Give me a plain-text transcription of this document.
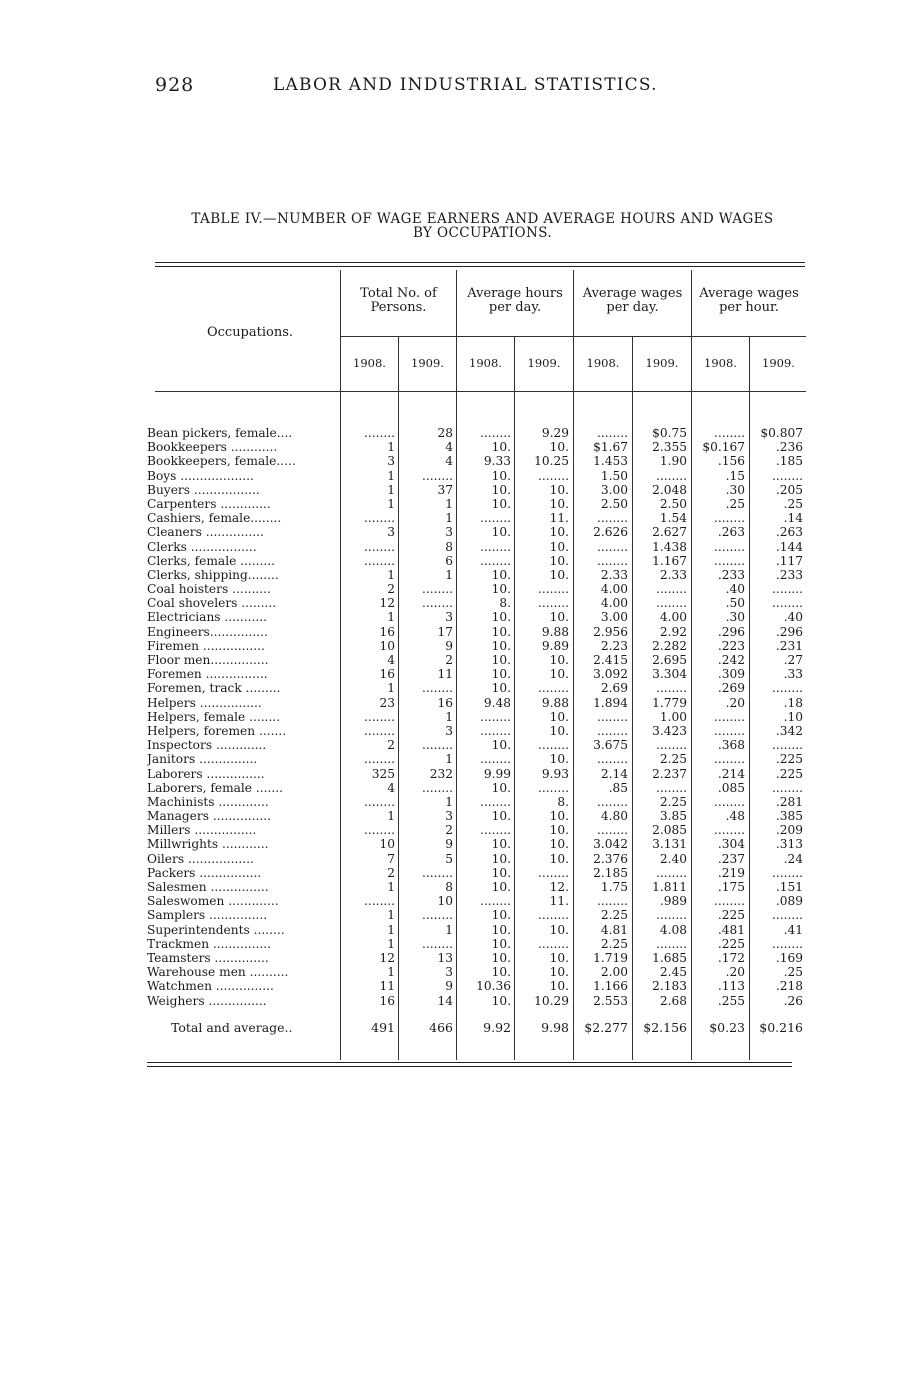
928	LABOR AND INDUSTRIAL STATISTICS.
TABLE IV.—NUMBER OF WAGE EARNERS AND AVERAGE HOURS AND WAGES
BY OCCUPATIONS.
Occupations.
Total No. of
Persons.
Average hours
per day.
Average wages
per day.
Average wages
per hour.
1908.	1909.	1908.	1909.	1908.	1909.	1908.	1909.
Bean pickers, female....	........	28	........	9.29	........	$0.75	........	$0.807
Bookkeepers ............	1	4	10.	10.	$1.67	2.355	$0.167	.236
Bookkeepers, female.....	3	4	9.33	10.25	1.453	1.90	.156	.185
Boys ...................	1	........	10.	........	1.50	........	.15	........
Buyers .................	1	37	10.	10.	3.00	2.048	.30	.205
Carpenters .............	1	1	10.	10.	2.50	2.50	.25	.25
Cashiers, female........	........	1	........	11.	........	1.54	........	.14
Cleaners ...............	3	3	10.	10.	2.626	2.627	.263	.263
Clerks .................	........	8	........	10.	........	1.438	........	.144
Clerks, female .........	........	6	........	10.	........	1.167	........	.117
Clerks, shipping........	1	1	10.	10.	2.33	2.33	.233	.233
Coal hoisters ..........	2	........	10.	........	4.00	........	.40	........
Coal shovelers .........	12	........	8.	........	4.00	........	.50	........
Electricians ...........	1	3	10.	10.	3.00	4.00	.30	.40
Engineers...............	16	17	10.	9.88	2.956	2.92	.296	.296
Firemen ................	10	9	10.	9.89	2.23	2.282	.223	.231
Floor men...............	4	2	10.	10.	2.415	2.695	.242	.27
Foremen ................	16	11	10.	10.	3.092	3.304	.309	.33
Foremen, track .........	1	........	10.	........	2.69	........	.269	........
Helpers ................	23	16	9.48	9.88	1.894	1.779	.20	.18
Helpers, female ........	........	1	........	10.	........	1.00	........	.10
Helpers, foremen .......	........	3	........	10.	........	3.423	........	.342
Inspectors .............	2	........	10.	........	3.675	........	.368	........
Janitors ...............	........	1	........	10.	........	2.25	........	.225
Laborers ...............	325	232	9.99	9.93	2.14	2.237	.214	.225
Laborers, female .......	4	........	10.	........	.85	........	.085	........
Machinists .............	........	1	........	8.	........	2.25	........	.281
Managers ...............	1	3	10.	10.	4.80	3.85	.48	.385
Millers ................	........	2	........	10.	........	2.085	........	.209
Millwrights ............	10	9	10.	10.	3.042	3.131	.304	.313
Oilers .................	7	5	10.	10.	2.376	2.40	.237	.24
Packers ................	2	........	10.	........	2.185	........	.219	........
Salesmen ...............	1	8	10.	12.	1.75	1.811	.175	.151
Saleswomen .............	........	10	........	11.	........	.989	........	.089
Samplers ...............	1	........	10.	........	2.25	........	.225	........
Superintendents ........	1	1	10.	10.	4.81	4.08	.481	.41
Trackmen ...............	1	........	10.	........	2.25	........	.225	........
Teamsters ..............	12	13	10.	10.	1.719	1.685	.172	.169
Warehouse men ..........	1	3	10.	10.	2.00	2.45	.20	.25
Watchmen ...............	11	9	10.36	10.	1.166	2.183	.113	.218
Weighers ...............	16	14	10.	10.29	2.553	2.68	.255	.26
Total and average..	491	466	9.92	9.98	$2.277	$2.156	$0.23	$0.216
